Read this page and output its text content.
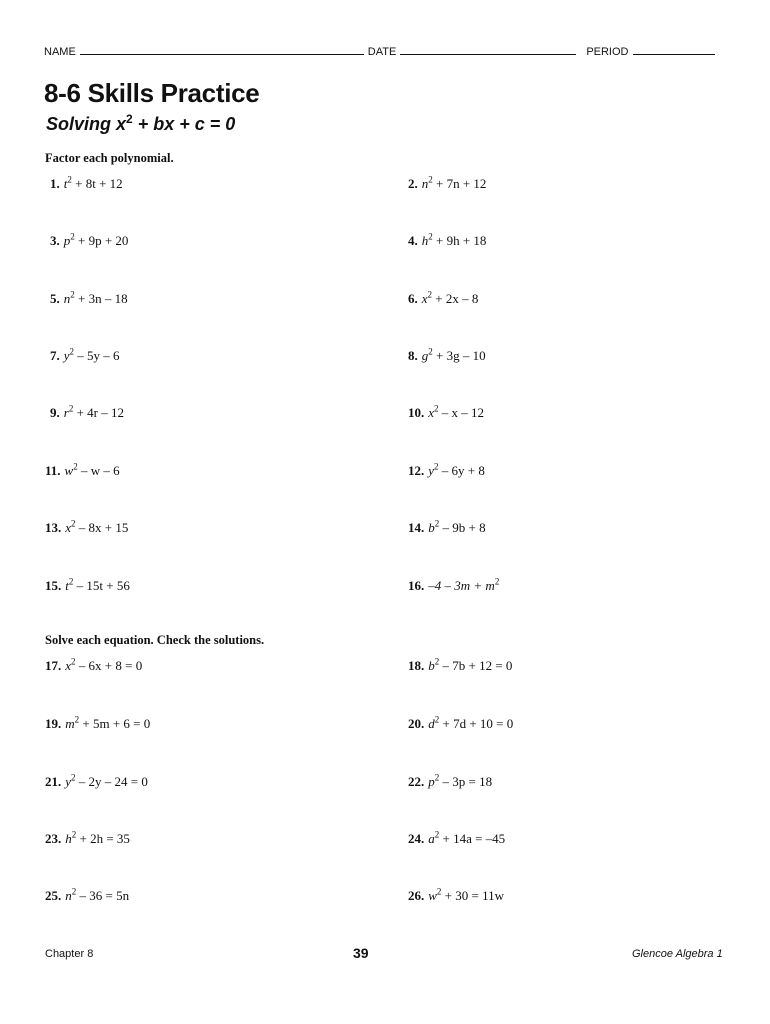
NAME	DATE	PERIOD
8-6 Skills Practice
Solving $x^2$ + bx + c = 0
Factor each polynomial.
Solve each equation. Check the solutions.
1. $t^2 + 8t + 12$	2. $n^2 + 7n + 12$
3. $p^2 + 9p + 20$	4. $h^2 + 9h + 18$
5. $n^2 + 3n - 18$	6. $x^2 + 2x - 8$
7. $y^2 - 5y - 6$	8. $g^2 + 3g - 10$
9. $r^2 + 4r - 12$	10. $x^2$ – x – 12
11. $w^2$ – w – 6	12. $y^2 - 6y + 8$
13. $x^2 - 8x + 15$	14. $b^2 - 9b + 8$
15. $t^2 - 15t + 56$	16. $-4 - 3m + m^2$
17. $x^2 - 6x + 8 = 0$	18. $b^2 - 7b + 12 = 0$
19. $m^2 + 5m + 6 = 0$	20. $d^2 + 7d + 10 = 0$
21. $y^2 - 2y - 24 = 0$	22. $p^2 - 3p = 18$
23. $h^2 + 2h = 35$	24. $a^2 + 14a = -45$
25. $n^2 - 36 = 5n$	26. $w^2 + 30 = 11w$
Chapter 8	39	Glencoe Algebra 1
